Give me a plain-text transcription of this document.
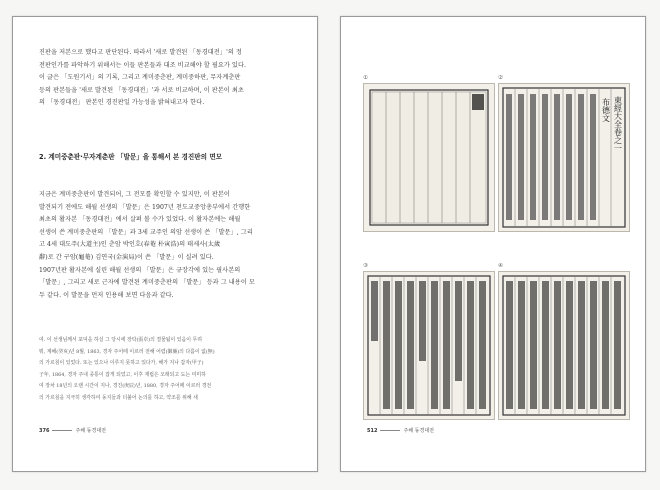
진판을 저본으로 했다고 판단된다. 따라서 '새로 발견된 「동경대전」'의 정
전판인가를 파악하기 위해서는 이들 판본들과 대조 비교해야 할 필요가 있다.
이 글은 「도원기서」의 기록, 그리고 계미중춘판, 계미중하판, 무자계춘판
등의 판본들을 '새로 발견된 「동경대전」'과 서로 비교하며, 이 판본이 최초
의 「동경대전」 판본인 경진판일 가능성을 밝혀내고자 한다.
2. 계미중춘판·무자계춘판 「발문」을 통해서 본 경진판의 면모
지금은 계미중춘판이 발견되어, 그 전모를 확인할 수 있지만, 이 판본이
발견되기 전에도 해월 선생의 「발문」은 1907년 천도교중앙총부에서 간행한
최초의 활자본 「동경대전」에서 살펴 볼 수가 있었다. 이 활자본에는 해월
선생이 쓴 계미중춘판의 「발문」과 3세 교주인 의암 선생이 쓴 「발문」, 그리
고 4세 대도주(大道主)인 춘암 박인호(春菴 朴寅浩)의 태세사(太歲
辭)로 간 구암(龜菴) 김연국(金演局)이 쓴 「발문」이 실려 있다.
1907년판 활자본에 실린 해월 선생의 「발문」은 규장각에 있는 필사본의
「발문」, 그리고 새로 근자에 발견된 계미중춘판의 「발문」 등과 그 내용이 모
두 같다. 이 발문을 먼저 인용해 보면 다음과 같다.
여. 이 선생님께서 포덕을 하실 그 당시에 장탁(張卓)의 결물됨이 있음이 무려
뭐, 계해(癸亥)년 8월, 1863, 경자 주어떼 이르러 전해 어렴(御廉)의 다름이 없(無)
의 가르침이 있었다. 또는 있으나 이루지 못하고 있다가, 해가 지나 갑자(甲子)
子年, 1864, 경자 주내 종통이 잡게 되었고, 이후 재립은 오래되고 도는 미미하
여 장차 18년의 오랜 시간이 지나, 경진(庚辰)년, 1880, 경자 주어떼 이르러 경전
의 가르침을 지극히 생각하여 동지들과 더불어 논의를 하고, 약조를 위해 새
376	주해 동경대전
①	②
③	④
東經大全卷之一
布德文
512	주해 동경대전
